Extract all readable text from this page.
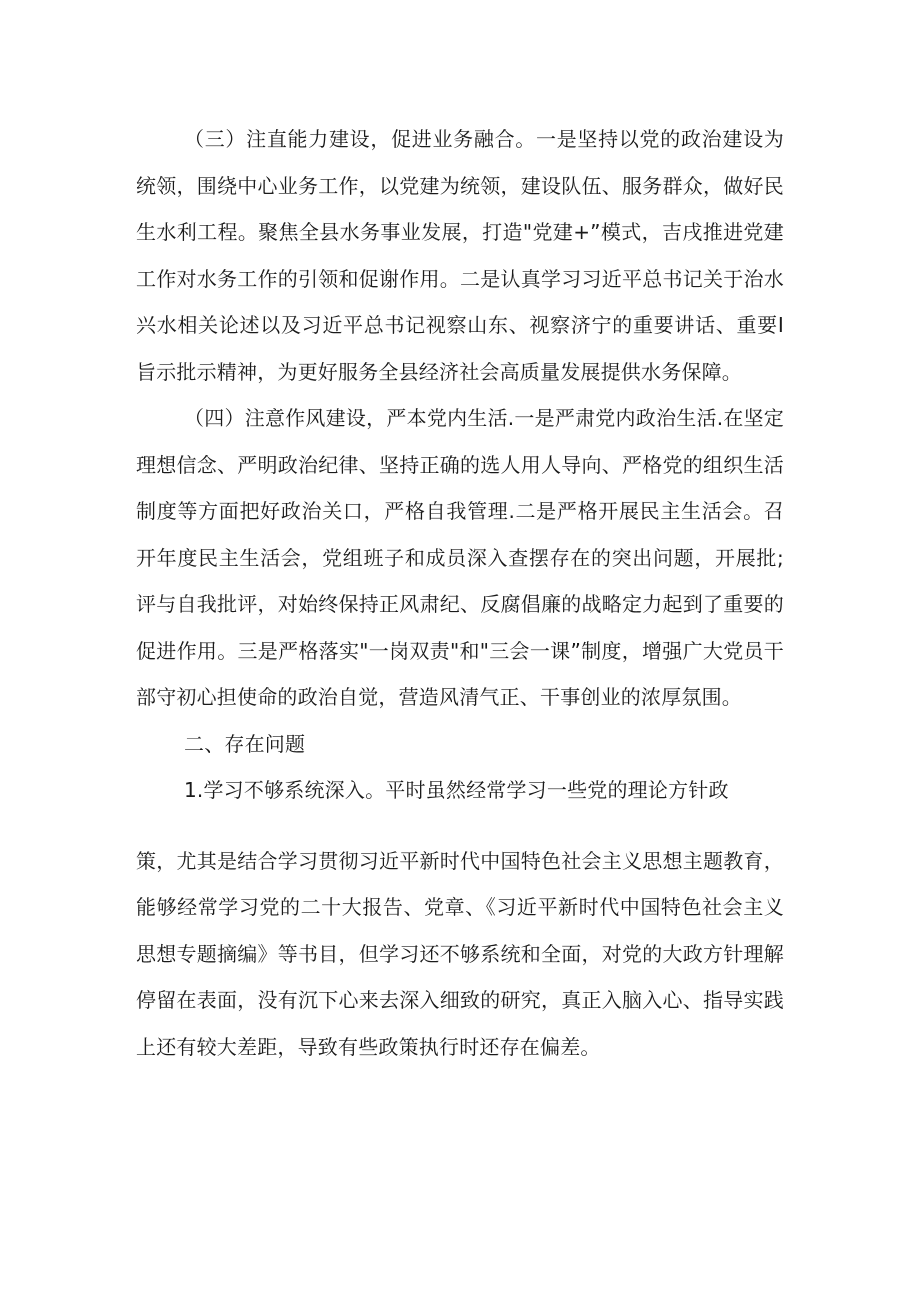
（三）注直能力建设，促进业务融合。一是坚持以党的政治建设为统领，围绕中心业务工作，以党建为统领，建设队伍、服务群众，做好民生水利工程。聚焦全县水务事业发展，打造"党建+”模式，吉戌推进党建工作对水务工作的引领和促谢作用。二是认真学习习近平总书记关于治水兴水相关论述以及习近平总书记视察山东、视察济宁的重要讲话、重要I旨示批示精神，为更好服务全县经济社会高质量发展提供水务保障。

（四）注意作风建设，严本党内生活.一是严肃党内政治生活.在坚定理想信念、严明政治纪律、坚持正确的选人用人导向、严格党的组织生活制度等方面把好政治关口，严格自我管理.二是严格开展民主生活会。召开年度民主生活会，党组班子和成员深入查摆存在的突出问题，开展批;评与自我批评，对始终保持正风肃纪、反腐倡廉的战略定力起到了重要的促进作用。三是严格落实"一岗双责"和"三会一课”制度，增强广大党员干部守初心担使命的政治自觉，营造风清气正、干事创业的浓厚氛围。

二、存在问题

1.学习不够系统深入。平时虽然经常学习一些党的理论方针政

策，尤其是结合学习贯彻习近平新时代中国特色社会主义思想主题教育，能够经常学习党的二十大报告、党章、《习近平新时代中国特色社会主义思想专题摘编》等书目，但学习还不够系统和全面，对党的大政方针理解停留在表面，没有沉下心来去深入细致的研究，真正入脑入心、指导实践上还有较大差距，导致有些政策执行时还存在偏差。
